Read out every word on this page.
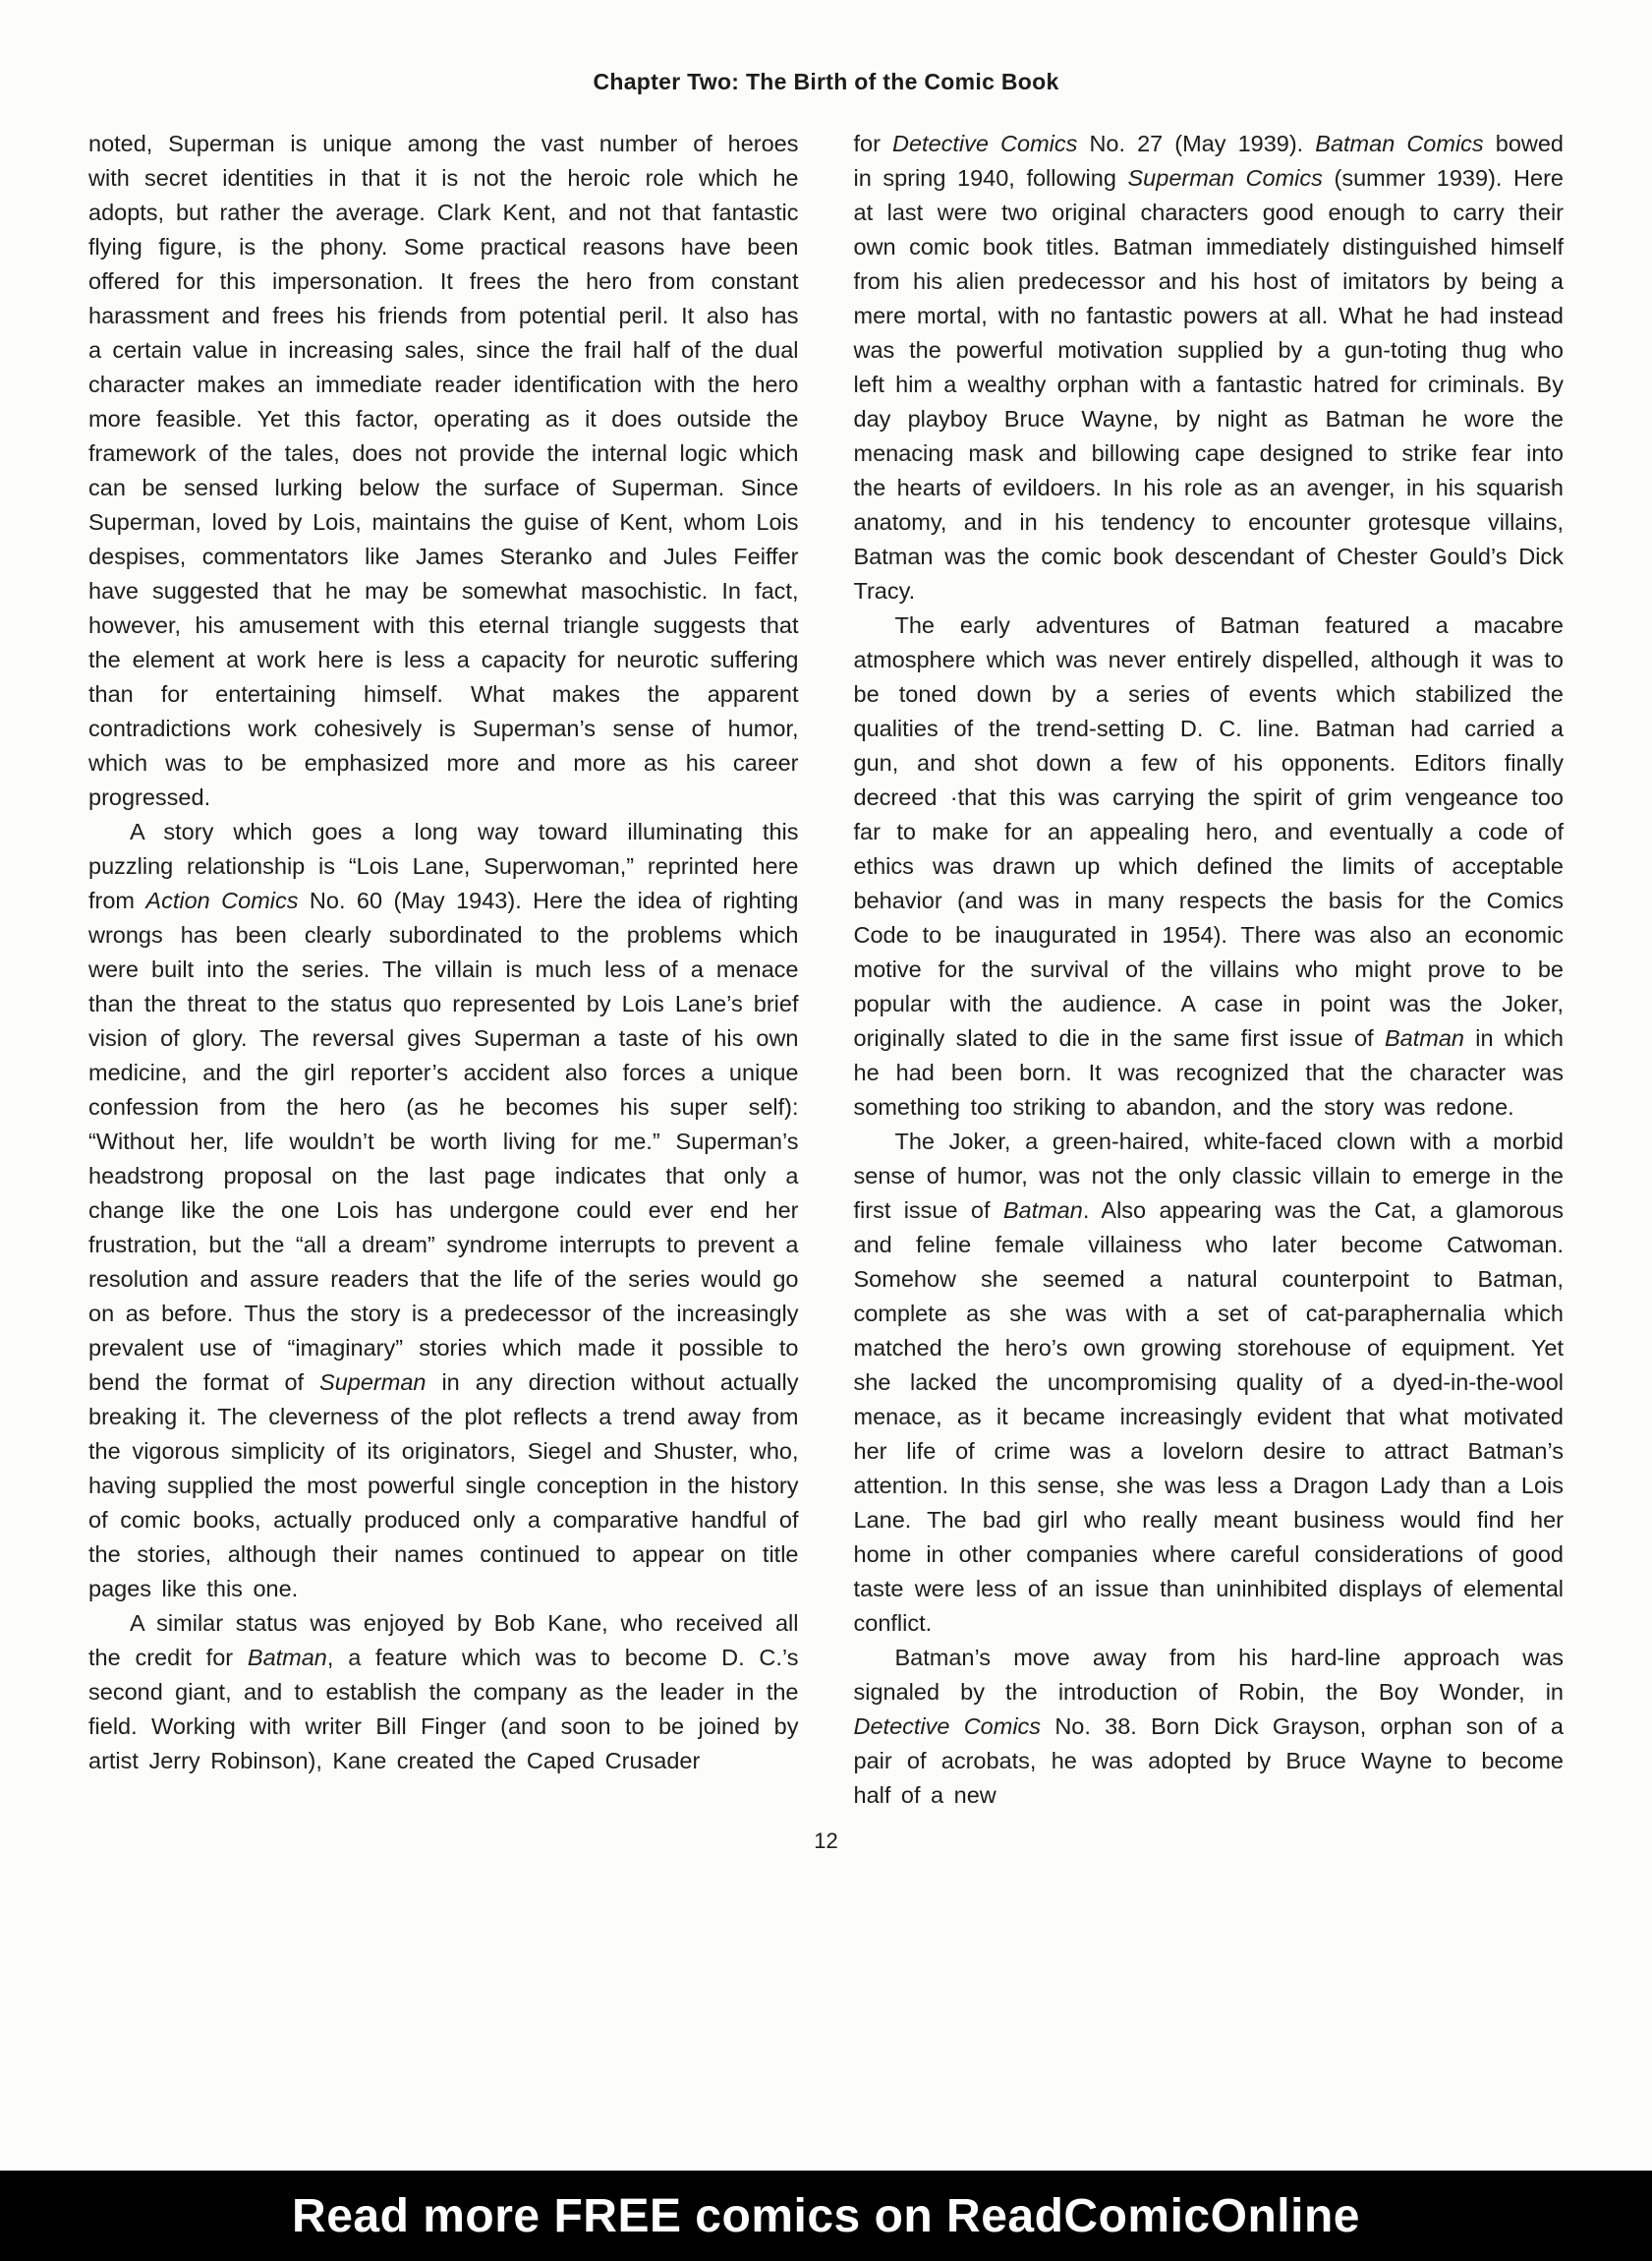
Chapter Two: The Birth of the Comic Book

noted, Superman is unique among the vast number of heroes with secret identities in that it is not the heroic role which he adopts, but rather the average. Clark Kent, and not that fantastic flying figure, is the phony. Some practical reasons have been offered for this impersonation. It frees the hero from constant harassment and frees his friends from potential peril. It also has a certain value in increasing sales, since the frail half of the dual character makes an immediate reader identification with the hero more feasible. Yet this factor, operating as it does outside the framework of the tales, does not provide the internal logic which can be sensed lurking below the surface of Superman. Since Superman, loved by Lois, maintains the guise of Kent, whom Lois despises, commentators like James Steranko and Jules Feiffer have suggested that he may be somewhat masochistic. In fact, however, his amusement with this eternal triangle suggests that the element at work here is less a capacity for neurotic suffering than for entertaining himself. What makes the apparent contradictions work cohesively is Superman’s sense of humor, which was to be emphasized more and more as his career progressed.

A story which goes a long way toward illuminating this puzzling relationship is “Lois Lane, Superwoman,” reprinted here from Action Comics No. 60 (May 1943). Here the idea of righting wrongs has been clearly subordinated to the problems which were built into the series. The villain is much less of a menace than the threat to the status quo represented by Lois Lane’s brief vision of glory. The reversal gives Superman a taste of his own medicine, and the girl reporter’s accident also forces a unique confession from the hero (as he becomes his super self): “Without her, life wouldn’t be worth living for me.” Superman’s headstrong proposal on the last page indicates that only a change like the one Lois has undergone could ever end her frustration, but the “all a dream” syndrome interrupts to prevent a resolution and assure readers that the life of the series would go on as before. Thus the story is a predecessor of the increasingly prevalent use of “imaginary” stories which made it possible to bend the format of Superman in any direction without actually breaking it. The cleverness of the plot reflects a trend away from the vigorous simplicity of its originators, Siegel and Shuster, who, having supplied the most powerful single conception in the history of comic books, actually produced only a comparative handful of the stories, although their names continued to appear on title pages like this one.

A similar status was enjoyed by Bob Kane, who received all the credit for Batman, a feature which was to become D. C.’s second giant, and to establish the company as the leader in the field. Working with writer Bill Finger (and soon to be joined by artist Jerry Robinson), Kane created the Caped Crusader

for Detective Comics No. 27 (May 1939). Batman Comics bowed in spring 1940, following Superman Comics (summer 1939). Here at last were two original characters good enough to carry their own comic book titles. Batman immediately distinguished himself from his alien predecessor and his host of imitators by being a mere mortal, with no fantastic powers at all. What he had instead was the powerful motivation supplied by a gun-toting thug who left him a wealthy orphan with a fantastic hatred for criminals. By day playboy Bruce Wayne, by night as Batman he wore the menacing mask and billowing cape designed to strike fear into the hearts of evildoers. In his role as an avenger, in his squarish anatomy, and in his tendency to encounter grotesque villains, Batman was the comic book descendant of Chester Gould’s Dick Tracy.

The early adventures of Batman featured a macabre atmosphere which was never entirely dispelled, although it was to be toned down by a series of events which stabilized the qualities of the trend-setting D. C. line. Batman had carried a gun, and shot down a few of his opponents. Editors finally decreed ·that this was carrying the spirit of grim vengeance too far to make for an appealing hero, and eventually a code of ethics was drawn up which defined the limits of acceptable behavior (and was in many respects the basis for the Comics Code to be inaugurated in 1954). There was also an economic motive for the survival of the villains who might prove to be popular with the audience. A case in point was the Joker, originally slated to die in the same first issue of Batman in which he had been born. It was recognized that the character was something too striking to abandon, and the story was redone.

The Joker, a green-haired, white-faced clown with a morbid sense of humor, was not the only classic villain to emerge in the first issue of Batman. Also appearing was the Cat, a glamorous and feline female villainess who later become Catwoman. Somehow she seemed a natural counterpoint to Batman, complete as she was with a set of cat-paraphernalia which matched the hero’s own growing storehouse of equipment. Yet she lacked the uncompromising quality of a dyed-in-the-wool menace, as it became increasingly evident that what motivated her life of crime was a lovelorn desire to attract Batman’s attention. In this sense, she was less a Dragon Lady than a Lois Lane. The bad girl who really meant business would find her home in other companies where careful considerations of good taste were less of an issue than uninhibited displays of elemental conflict.

Batman’s move away from his hard-line approach was signaled by the introduction of Robin, the Boy Wonder, in Detective Comics No. 38. Born Dick Grayson, orphan son of a pair of acrobats, he was adopted by Bruce Wayne to become half of a new

12
Read more FREE comics on ReadComicOnline
